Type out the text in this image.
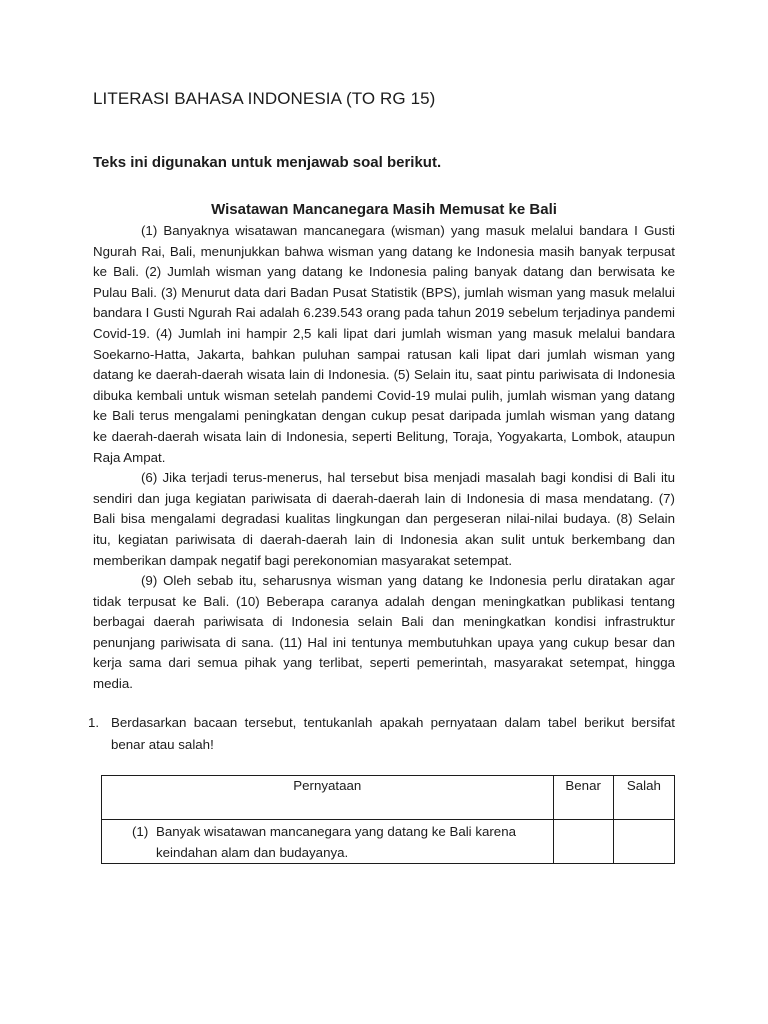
LITERASI BAHASA INDONESIA (TO RG 15)

Teks ini digunakan untuk menjawab soal berikut.

Wisatawan Mancanegara Masih Memusat ke Bali

(1) Banyaknya wisatawan mancanegara (wisman) yang masuk melalui bandara I Gusti Ngurah Rai, Bali, menunjukkan bahwa wisman yang datang ke Indonesia masih banyak terpusat ke Bali. (2) Jumlah wisman yang datang ke Indonesia paling banyak datang dan berwisata ke Pulau Bali. (3) Menurut data dari Badan Pusat Statistik (BPS), jumlah wisman yang masuk melalui bandara I Gusti Ngurah Rai adalah 6.239.543 orang pada tahun 2019 sebelum terjadinya pandemi Covid-19. (4) Jumlah ini hampir 2,5 kali lipat dari jumlah wisman yang masuk melalui bandara Soekarno-Hatta, Jakarta, bahkan puluhan sampai ratusan kali lipat dari jumlah wisman yang datang ke daerah-daerah wisata lain di Indonesia. (5) Selain itu, saat pintu pariwisata di Indonesia dibuka kembali untuk wisman setelah pandemi Covid-19 mulai pulih, jumlah wisman yang datang ke Bali terus mengalami peningkatan dengan cukup pesat daripada jumlah wisman yang datang ke daerah-daerah wisata lain di Indonesia, seperti Belitung, Toraja, Yogyakarta, Lombok, ataupun Raja Ampat.

(6) Jika terjadi terus-menerus, hal tersebut bisa menjadi masalah bagi kondisi di Bali itu sendiri dan juga kegiatan pariwisata di daerah-daerah lain di Indonesia di masa mendatang. (7) Bali bisa mengalami degradasi kualitas lingkungan dan pergeseran nilai-nilai budaya. (8) Selain itu, kegiatan pariwisata di daerah-daerah lain di Indonesia akan sulit untuk berkembang dan memberikan dampak negatif bagi perekonomian masyarakat setempat.

(9) Oleh sebab itu, seharusnya wisman yang datang ke Indonesia perlu diratakan agar tidak terpusat ke Bali. (10) Beberapa caranya adalah dengan meningkatkan publikasi tentang berbagai daerah pariwisata di Indonesia selain Bali dan meningkatkan kondisi infrastruktur penunjang pariwisata di sana. (11) Hal ini tentunya membutuhkan upaya yang cukup besar dan kerja sama dari semua pihak yang terlibat, seperti pemerintah, masyarakat setempat, hingga media.

1. Berdasarkan bacaan tersebut, tentukanlah apakah pernyataan dalam tabel berikut bersifat benar atau salah!
Pernyataan	Benar	Salah

(1) Banyak wisatawan mancanegara yang datang ke Bali karena keindahan alam dan budayanya.		
